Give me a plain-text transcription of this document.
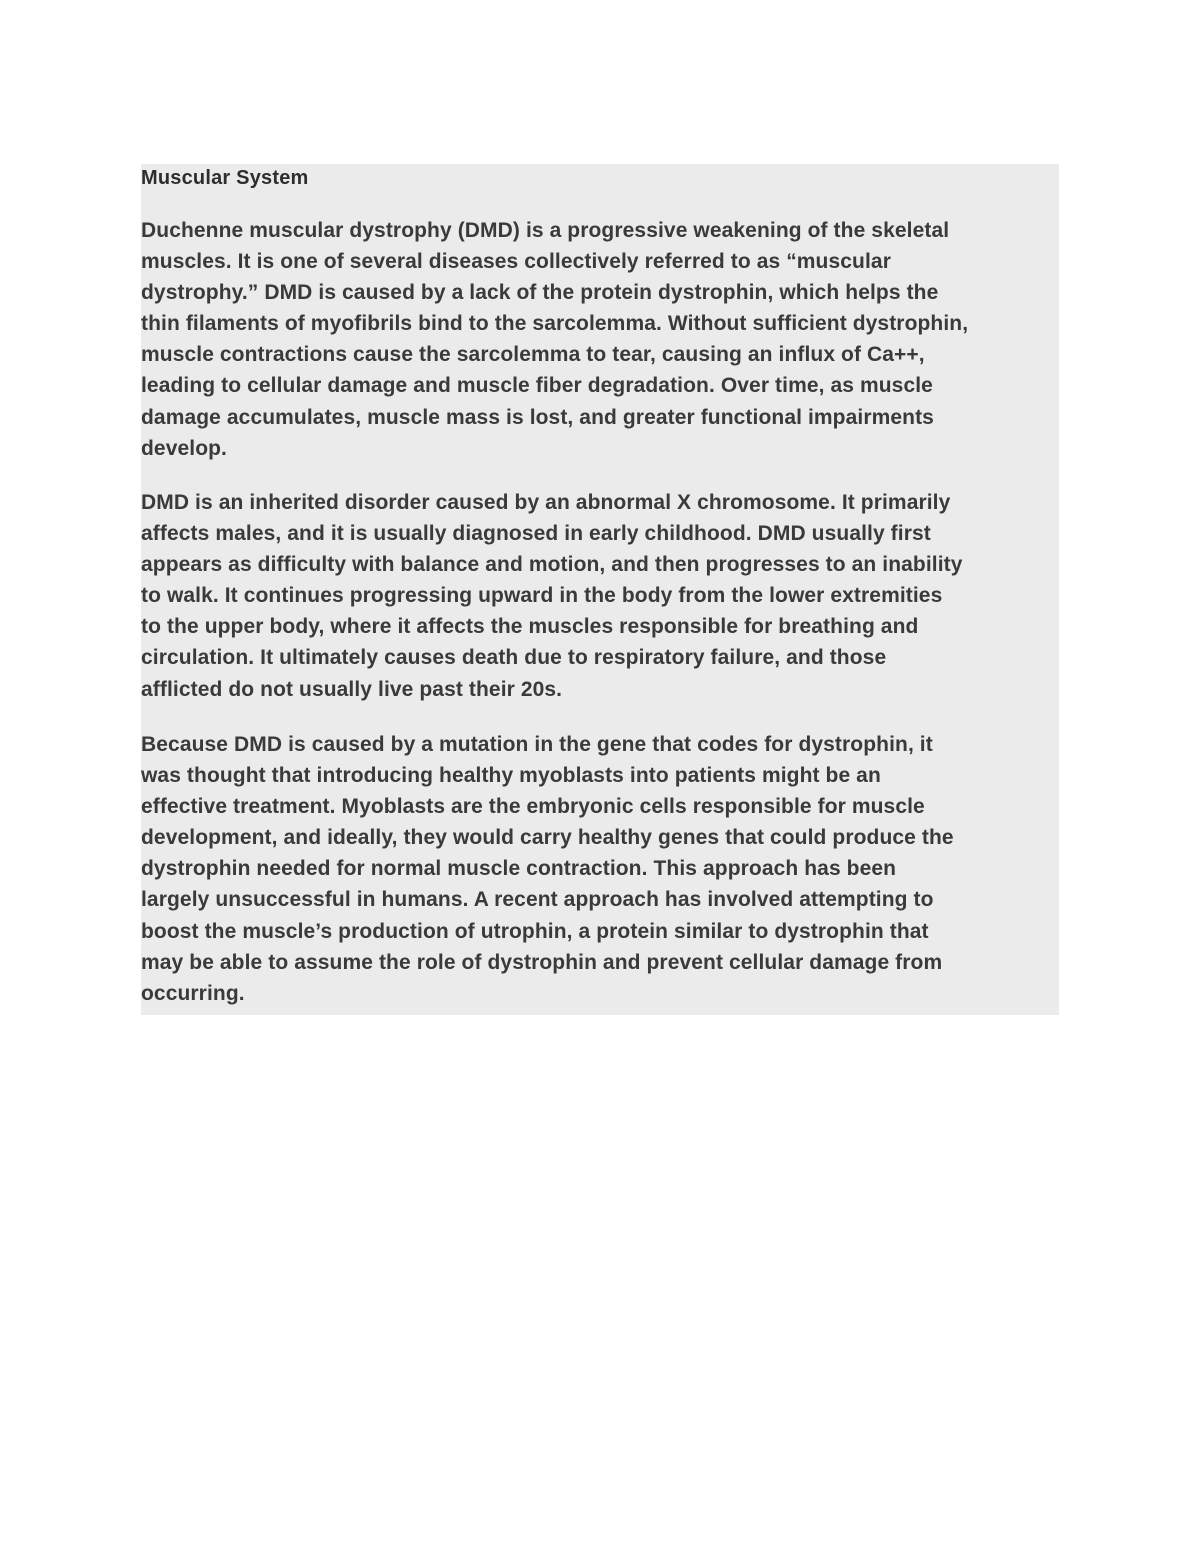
Muscular System
Duchenne muscular dystrophy (DMD) is a progressive weakening of the skeletal
muscles. It is one of several diseases collectively referred to as “muscular
dystrophy.” DMD is caused by a lack of the protein dystrophin, which helps the
thin filaments of myofibrils bind to the sarcolemma. Without sufficient dystrophin,
muscle contractions cause the sarcolemma to tear, causing an influx of Ca++,
leading to cellular damage and muscle fiber degradation. Over time, as muscle
damage accumulates, muscle mass is lost, and greater functional impairments
develop.
DMD is an inherited disorder caused by an abnormal X chromosome. It primarily
affects males, and it is usually diagnosed in early childhood. DMD usually first
appears as difficulty with balance and motion, and then progresses to an inability
to walk. It continues progressing upward in the body from the lower extremities
to the upper body, where it affects the muscles responsible for breathing and
circulation. It ultimately causes death due to respiratory failure, and those
afflicted do not usually live past their 20s.
Because DMD is caused by a mutation in the gene that codes for dystrophin, it
was thought that introducing healthy myoblasts into patients might be an
effective treatment. Myoblasts are the embryonic cells responsible for muscle
development, and ideally, they would carry healthy genes that could produce the
dystrophin needed for normal muscle contraction. This approach has been
largely unsuccessful in humans. A recent approach has involved attempting to
boost the muscle’s production of utrophin, a protein similar to dystrophin that
may be able to assume the role of dystrophin and prevent cellular damage from
occurring.
